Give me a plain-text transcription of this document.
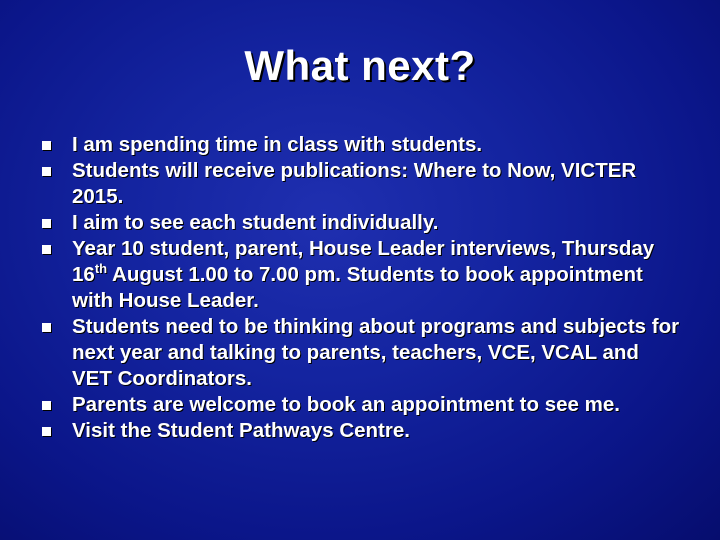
What next?
I am spending time in class with students.
Students will receive publications: Where to Now, VICTER 2015.
I aim to see each student individually.
Year 10 student, parent, House Leader interviews, Thursday 16th August 1.00 to 7.00 pm. Students to book appointment with House Leader.
Students need to be thinking about programs and subjects for next year and talking to parents, teachers, VCE, VCAL and VET Coordinators.
Parents are welcome to book an appointment to see me.
Visit the Student Pathways Centre.
